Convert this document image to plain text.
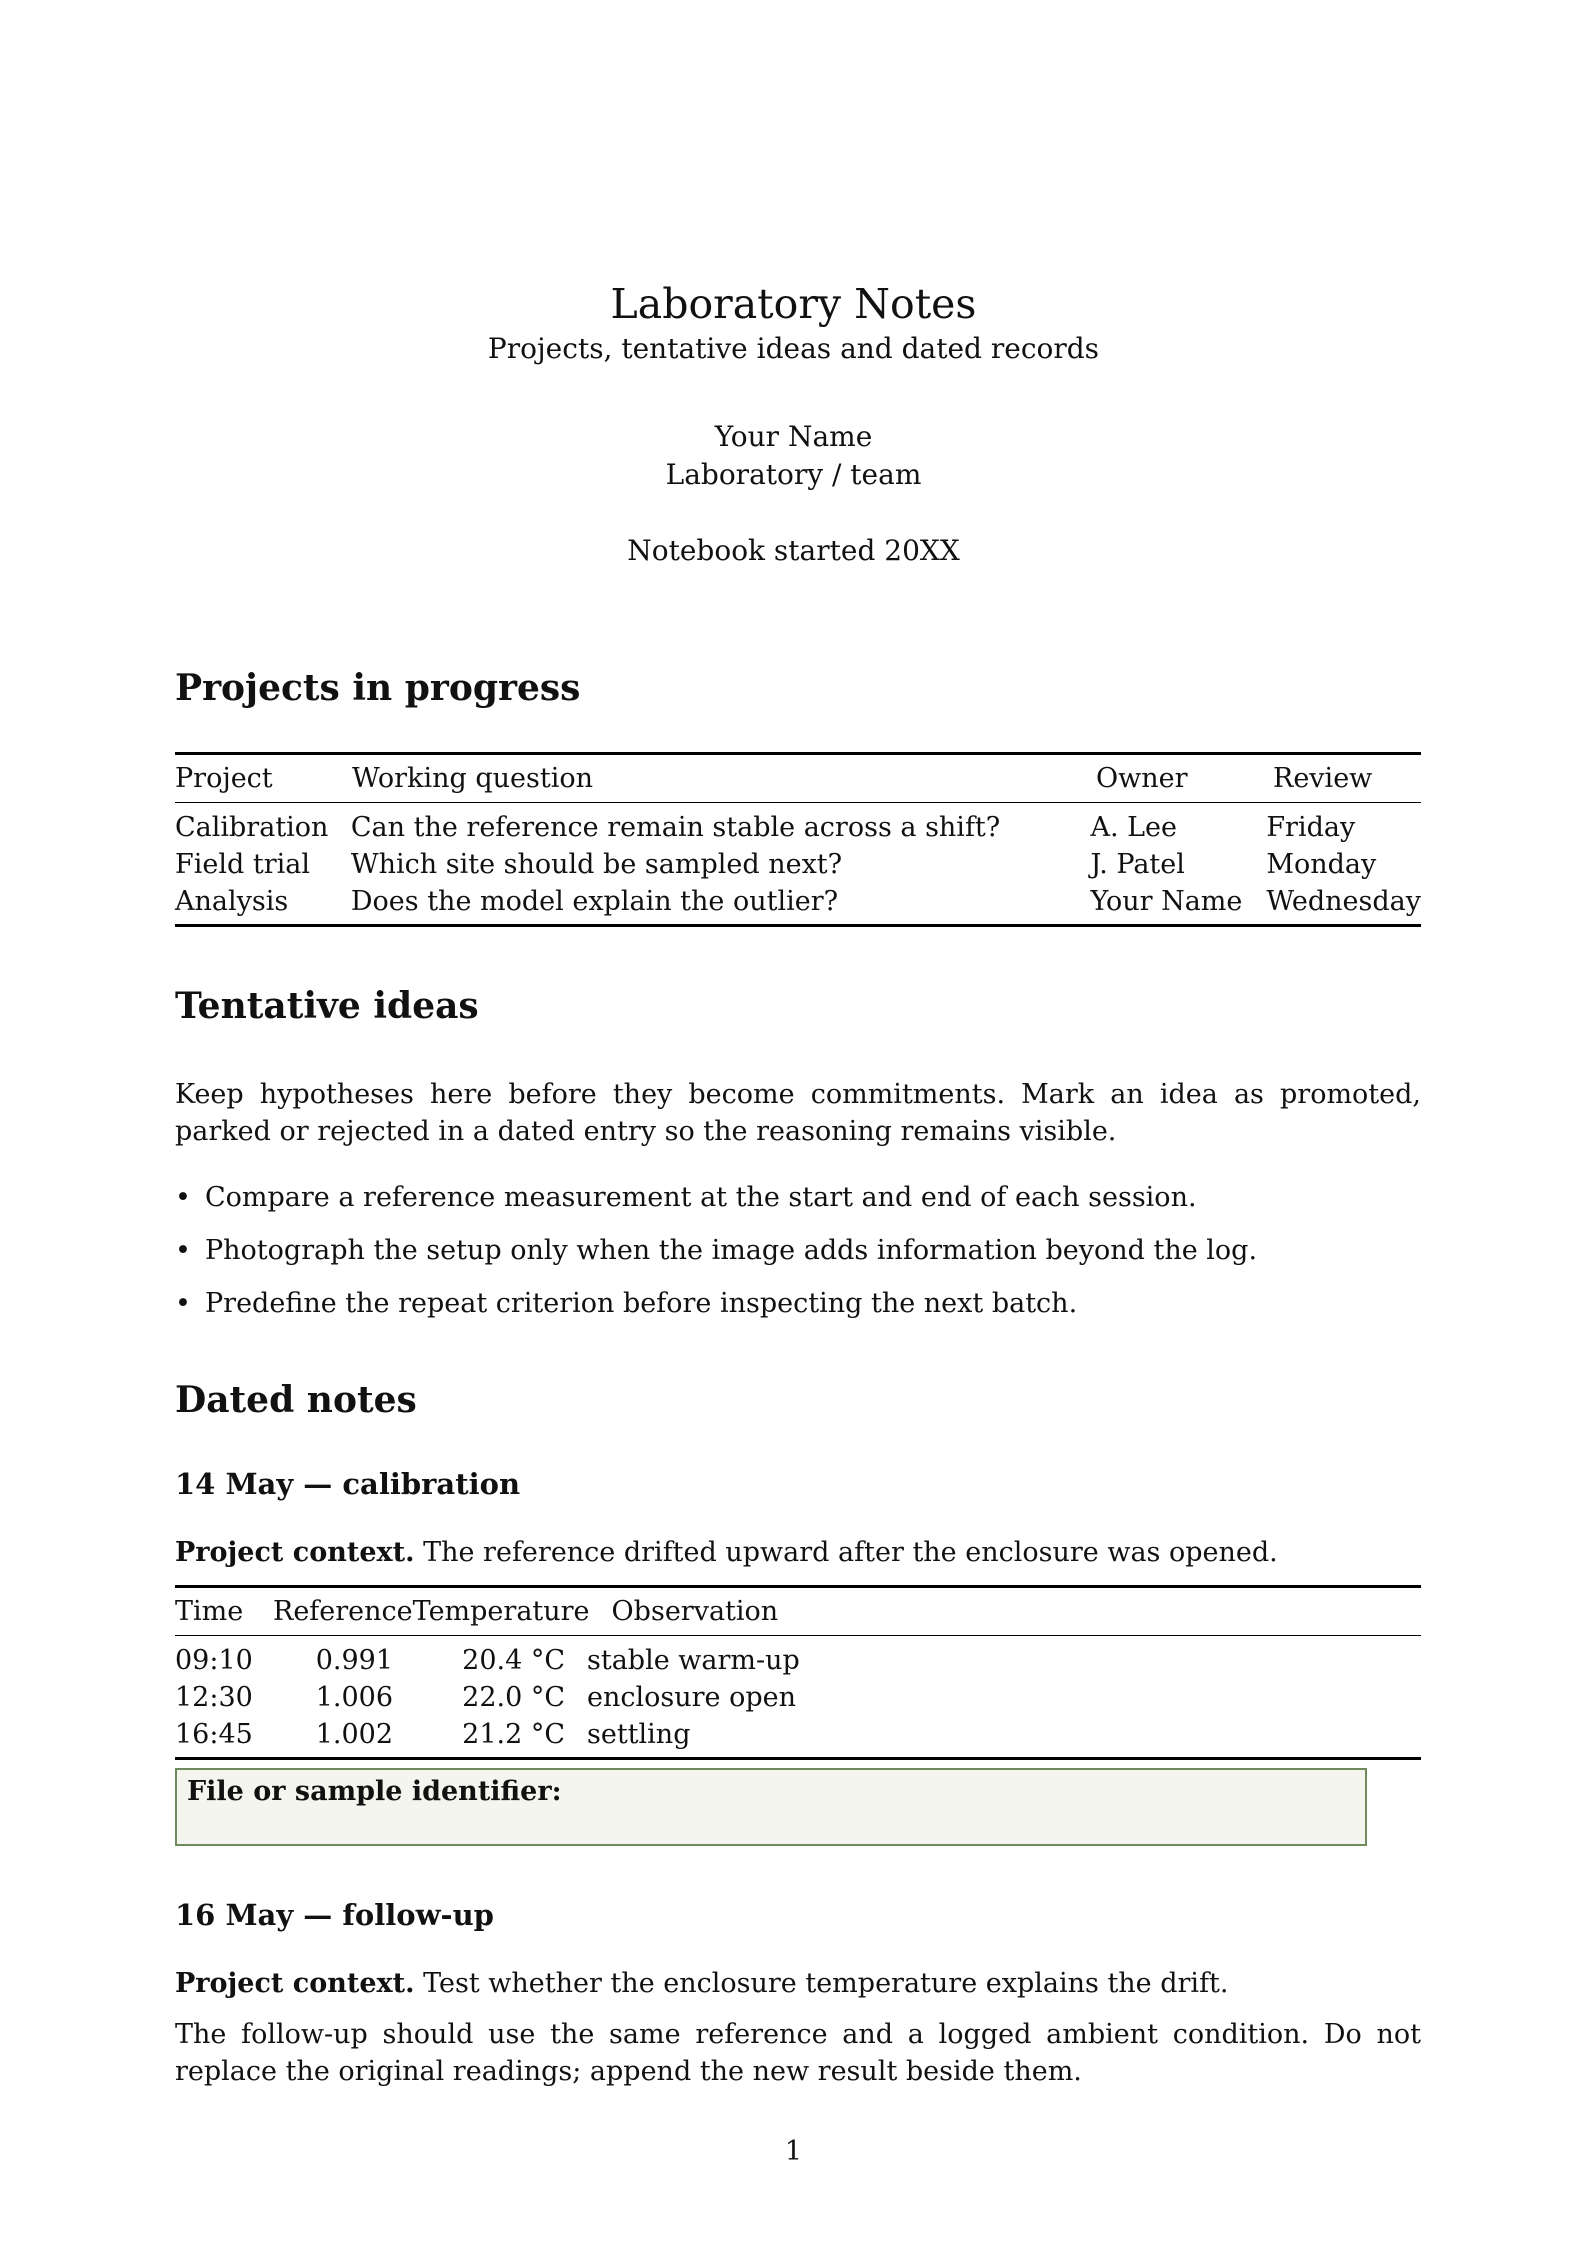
Laboratory Notes
Projects, tentative ideas and dated records
Your Name
Laboratory / team
Notebook started 20XX
Projects in progress
Project	Working question	Owner	Review
Calibration	Can the reference remain stable across a shift?	A. Lee	Friday
Field trial	Which site should be sampled next?	J. Patel	Monday
Analysis	Does the model explain the outlier?	Your Name	Wednesday
Tentative ideas

Keep hypotheses here before they become commitments. Mark an idea as promoted, parked or rejected in a dated entry so the reasoning remains visible.

• Compare a reference measurement at the start and end of each session.
• Photograph the setup only when the image adds information beyond the log.
• Predefine the repeat criterion before inspecting the next batch.
Dated notes
14 May — calibration

Project context. The reference drifted upward after the enclosure was opened.

Time	Reference	Temperature	Observation
09:10	0.991	20.4 °C	stable warm-up
12:30	1.006	22.0 °C	enclosure open
16:45	1.002	21.2 °C	settling
File or sample identifier:
16 May — follow-up

Project context. Test whether the enclosure temperature explains the drift.

The follow-up should use the same reference and a logged ambient condition. Do not replace the original readings; append the new result beside them.

1
